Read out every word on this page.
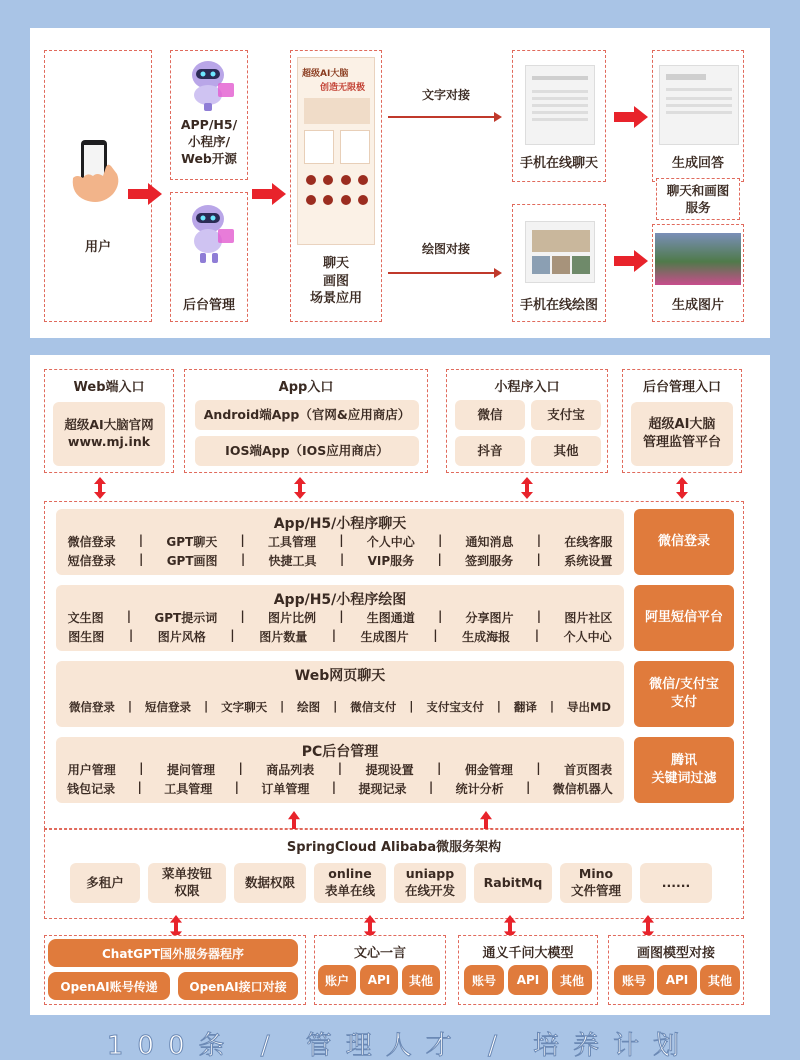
用户
APP/H5/
小程序/
Web开源
后台管理
超级AI大脑
创造无限极
聊天
画图
场景应用
文字对接
绘图对接
手机在线聊天
手机在线绘图
生成回答
聊天和画图
服务
生成图片
Web端入口
超级AI大脑官网
www.mj.ink
App入口
Android端App（官网&应用商店）
IOS端App（IOS应用商店）
小程序入口
微信	支付宝
抖音	其他
后台管理入口
超级AI大脑
管理监管平台
App/H5/小程序聊天
微信登录 | GPT聊天 | 工具管理 | 个人中心 | 通知消息 | 在线客服
短信登录 | GPT画图 | 快捷工具 | VIP服务 | 签到服务 | 系统设置
微信登录
App/H5/小程序绘图
文生图 | GPT提示词 | 图片比例 | 生图通道 | 分享图片 | 图片社区
图生图 | 图片风格 | 图片数量 | 生成图片 | 生成海报 | 个人中心
阿里短信平台
Web网页聊天
微信登录 | 短信登录 | 文字聊天 | 绘图 | 微信支付 | 支付宝支付 | 翻译 | 导出MD
微信/支付宝
支付
PC后台管理
用户管理 | 提问管理 | 商品列表 | 提现设置 | 佣金管理 | 首页图表
钱包记录 | 工具管理 | 订单管理 | 提现记录 | 统计分析 | 微信机器人
腾讯
关键词过滤
SpringCloud Alibaba微服务架构
多租户
菜单按钮
权限
数据权限
online
表单在线
uniapp
在线开发
RabitMq
Mino
文件管理
......
ChatGPT国外服务器程序
OpenAI账号传递	OpenAI接口对接
文心一言
账户	API	其他
通义千问大模型
账号	API	其他
画图模型对接
账号	API	其他
100条 / 管理人才 / 培养计划
